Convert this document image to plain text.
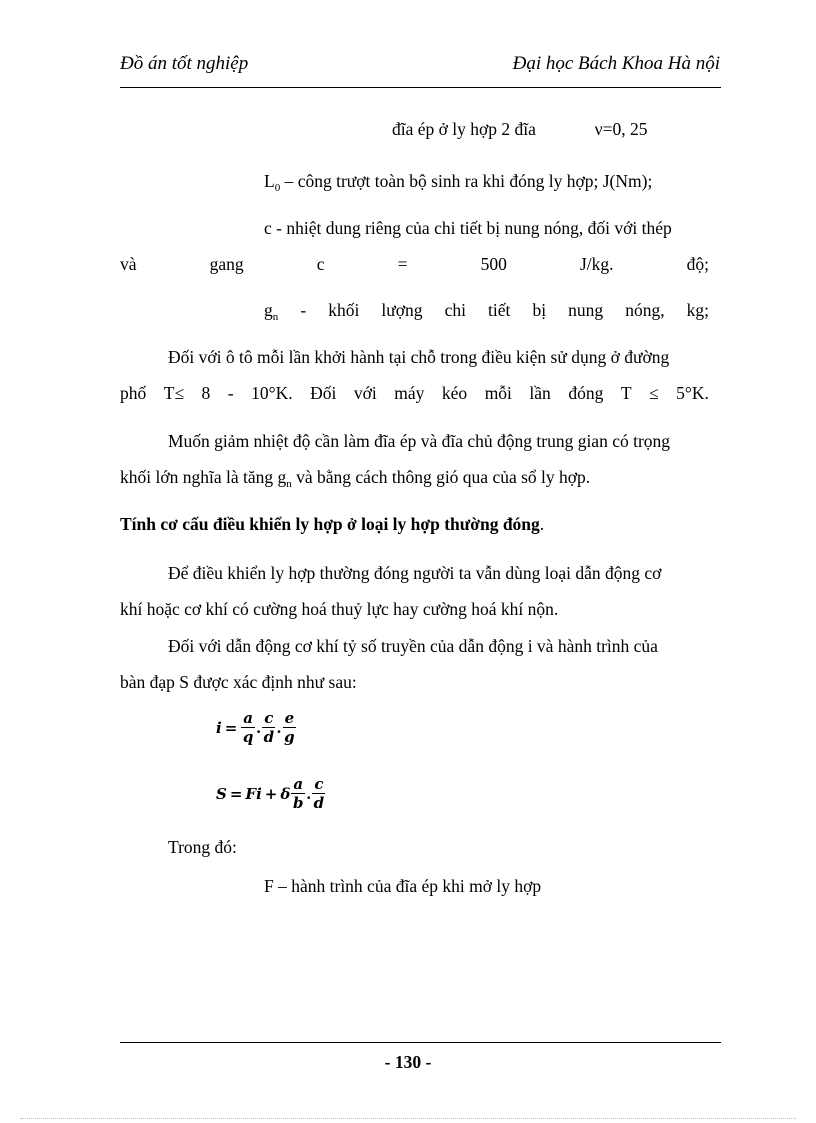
Đồ án tốt nghiệp	Đại học Bách Khoa Hà nội
đĩa ép ở ly hợp 2 đĩa	ν=0, 25
$L_0$ – công trượt toàn bộ sinh ra khi đóng ly hợp; J(Nm);
c - nhiệt dung riêng của chi tiết bị nung nóng, đối với thép
và	gang	c	=	500	J/kg.	độ;
$g_n$ - khối lượng chi tiết bị nung nóng, kg;
Đối với ô tô mỗi lần khởi hành tại chỗ trong điều kiện sử dụng ở đường
phố T≤ 8 - 10°K. Đối với máy kéo mỗi lần đóng T ≤ 5°K.
Muốn giảm nhiệt độ cần làm đĩa ép và đĩa chủ động trung gian có trọng
khối lớn nghĩa là tăng $g_n$ và bằng cách thông gió qua của sổ ly hợp.
Tính cơ cấu điều khiển ly hợp ở loại ly hợp thường đóng.
Để điều khiển ly hợp thường đóng người ta vẫn dùng loại dẫn động cơ
khí hoặc cơ khí có cường hoá thuỷ lực hay cường hoá khí nộn.
Đối với dẫn động cơ khí tỷ số truyền của dẫn động i và hành trình của
bàn đạp S được xác định như sau:
$i = \frac{a}{q}$ . $\frac{c}{d}$ . $\frac{e}{g}$
S = Fi + δ $\frac{a}{b}$ . $\frac{c}{d}$
Trong đó:
F – hành trình của đĩa ép khi mở ly hợp
- 130 -
